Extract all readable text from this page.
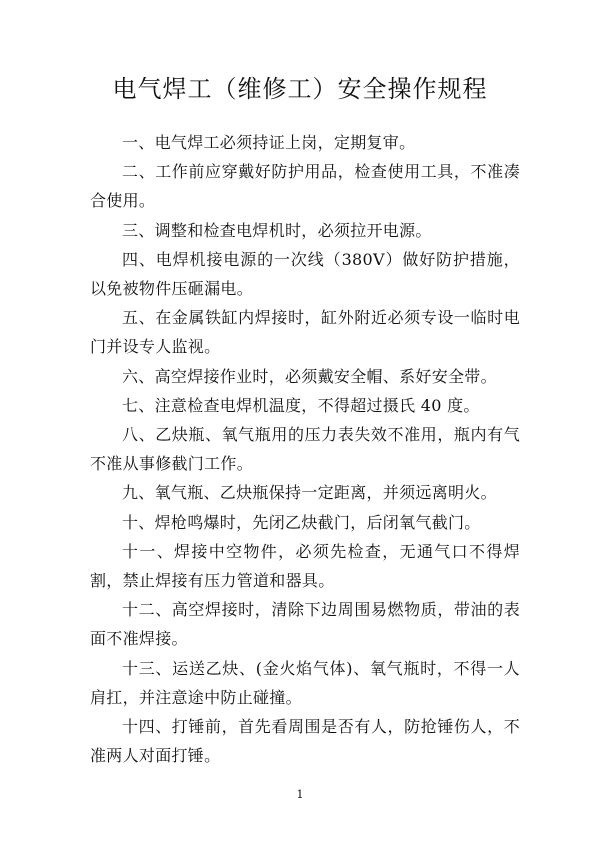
电气焊工（维修工）安全操作规程
一、电气焊工必须持证上岗，定期复审。
二、工作前应穿戴好防护用品，检查使用工具，不准凑合使用。
三、调整和检查电焊机时，必须拉开电源。
四、电焊机接电源的一次线（380V）做好防护措施，以免被物件压砸漏电。
五、在金属铁缸内焊接时，缸外附近必须专设一临时电门并设专人监视。
六、高空焊接作业时，必须戴安全帽、系好安全带。
七、注意检查电焊机温度，不得超过摄氏 40 度。
八、乙炔瓶、氧气瓶用的压力表失效不准用，瓶内有气不准从事修截门工作。
九、氧气瓶、乙炔瓶保持一定距离，并须远离明火。
十、焊枪鸣爆时，先闭乙炔截门，后闭氧气截门。
十一、焊接中空物件，必须先检查，无通气口不得焊割，禁止焊接有压力管道和器具。
十二、高空焊接时，清除下边周围易燃物质，带油的表面不准焊接。
十三、运送乙炔、(金火焰气体)、氧气瓶时，不得一人肩扛，并注意途中防止碰撞。
十四、打锤前，首先看周围是否有人，防抢锤伤人，不准两人对面打锤。
1
